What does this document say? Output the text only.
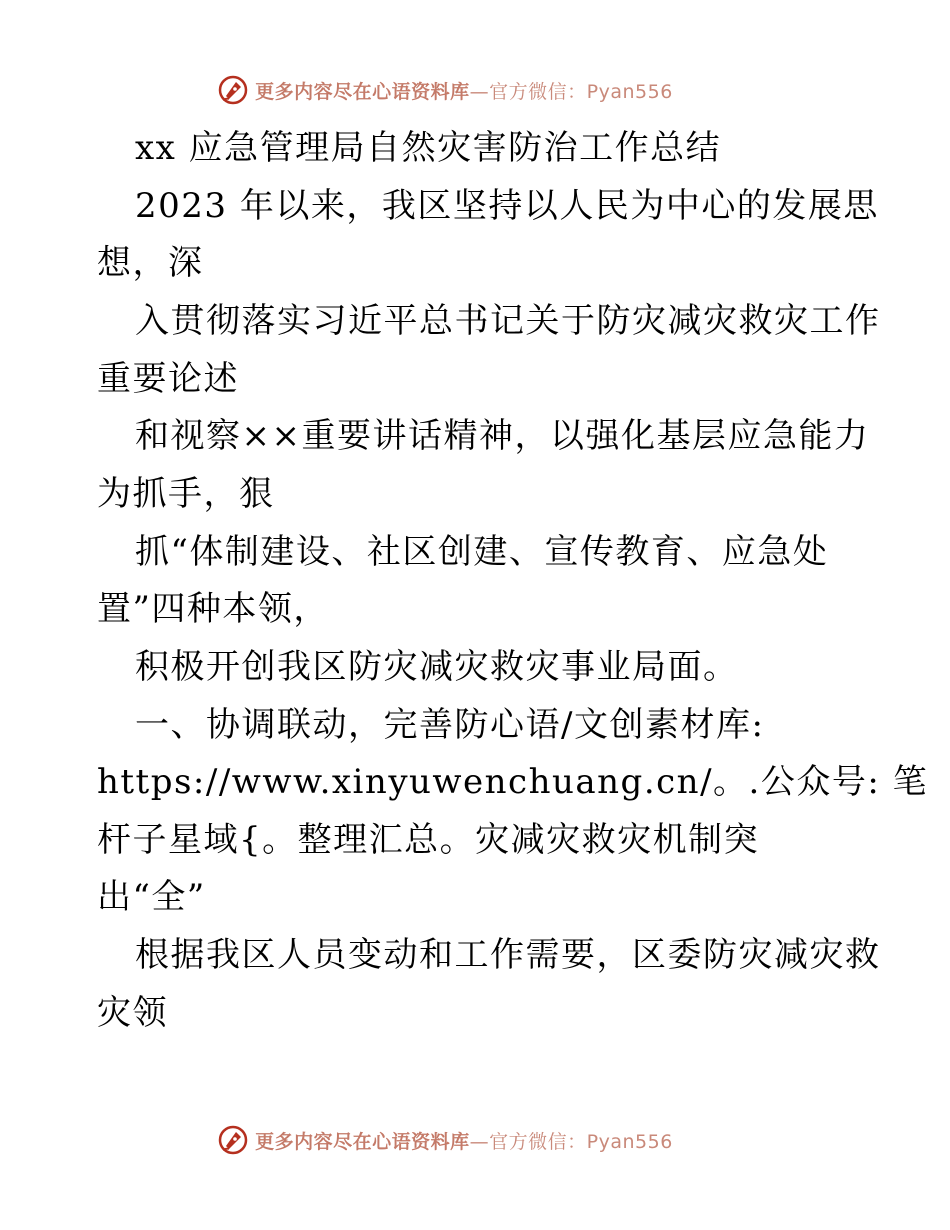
更多内容尽在心语资料库—官方微信：Pyan556
xx 应急管理局自然灾害防治工作总结
2023 年以来，我区坚持以人民为中心的发展思
想，深
入贯彻落实习近平总书记关于防灾减灾救灾工作
重要论述
和视察××重要讲话精神，以强化基层应急能力
为抓手，狠
抓“体制建设、社区创建、宣传教育、应急处
置”四种本领，
积极开创我区防灾减灾救灾事业局面。
一、协调联动，完善防心语/文创素材库:
https://www.xinyuwenchuang.cn/。.公众号: 笔
杆子星域{。整理汇总。灾减灾救灾机制突
出“全”
根据我区人员变动和工作需要，区委防灾减灾救
灾领
更多内容尽在心语资料库—官方微信：Pyan556
